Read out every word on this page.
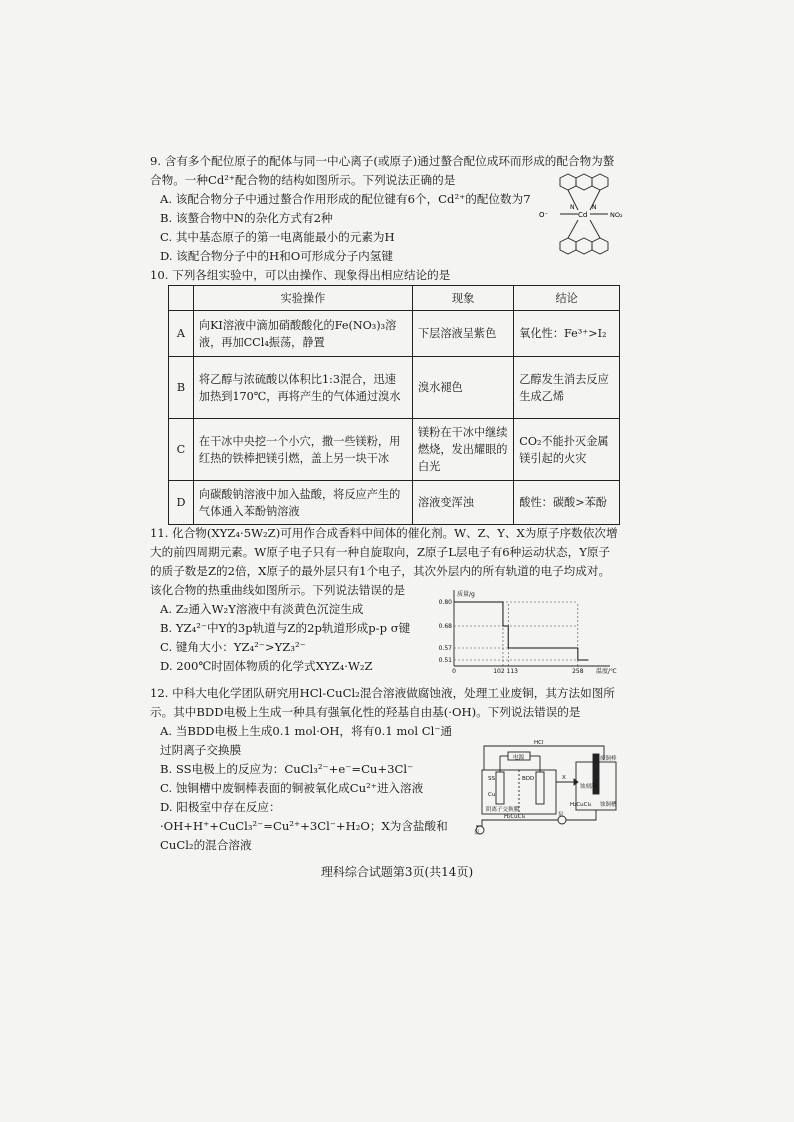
9. 含有多个配位原子的配体与同一中心离子(或原子)通过螯合配位成环而形成的配合物为螯合物。一种Cd²⁺配合物的结构如图所示。下列说法正确的是

A. 该配合物分子中通过螯合作用形成的配位键有6个，Cd²⁺的配位数为7

B. 该螯合物中N的杂化方式有2种

C. 其中基态原子的第一电离能最小的元素为H

D. 该配合物分子中的H和O可形成分子内氢键

O⁻	Cd	NO₂
N	N

10. 下列各组实验中，可以由操作、现象得出相应结论的是

	实验操作	现象	结论
A	向KI溶液中滴加硝酸酸化的Fe(NO₃)₃溶液，再加CCl₄振荡，静置	下层溶液呈紫色	氧化性：Fe³⁺>I₂
B	将乙醇与浓硫酸以体积比1:3混合，迅速加热到170℃，再将产生的气体通过溴水	溴水褪色	乙醇发生消去反应生成乙烯
C	在干冰中央挖一个小穴，撒一些镁粉，用红热的铁棒把镁引燃，盖上另一块干冰	镁粉在干冰中继续燃烧，发出耀眼的白光	CO₂不能扑灭金属镁引起的火灾
D	向碳酸钠溶液中加入盐酸，将反应产生的气体通入苯酚钠溶液	溶液变浑浊	酸性：碳酸>苯酚

11. 化合物(XYZ₄·5W₂Z)可用作合成香料中间体的催化剂。W、Z、Y、X为原子序数依次增大的前四周期元素。W原子电子只有一种自旋取向，Z原子L层电子有6种运动状态，Y原子的质子数是Z的2倍，X原子的最外层只有1个电子，其次外层内的所有轨道的电子均成对。该化合物的热重曲线如图所示。下列说法错误的是

A. Z₂通入W₂Y溶液中有淡黄色沉淀生成

B. YZ₄²⁻中Y的3p轨道与Z的2p轨道形成p-p σ键

C. 键角大小：YZ₄²⁻>YZ₃²⁻

D. 200℃时固体物质的化学式XYZ₄·W₂Z

0.80
0.68
0.57
0.51
0	102 113	258
质量/g
温度/℃

12. 中科大电化学团队研究用HCl-CuCl₂混合溶液做腐蚀液，处理工业废铜，其方法如图所示。其中BDD电极上生成一种具有强氧化性的羟基自由基(·OH)。下列说法错误的是

A. 当BDD电极上生成0.1 mol·OH，将有0.1 mol Cl⁻通过阴离子交换膜

B. SS电极上的反应为：CuCl₃²⁻+e⁻=Cu+3Cl⁻

C. 蚀铜槽中废铜棒表面的铜被氧化成Cu²⁺进入溶液

D. 阳极室中存在反应：·OH+H⁺+CuCl₃²⁻=Cu²⁺+3Cl⁻+H₂O；X为含盐酸和CuCl₂的混合溶液

HCl
电源
SS	BDD
Cu
X
阴离子交换膜
H₂CuCl₄
H₂CuCl₄
废铜棒
蚀刻液
蚀铜槽
泵
泵
理科综合试题第3页(共14页)
